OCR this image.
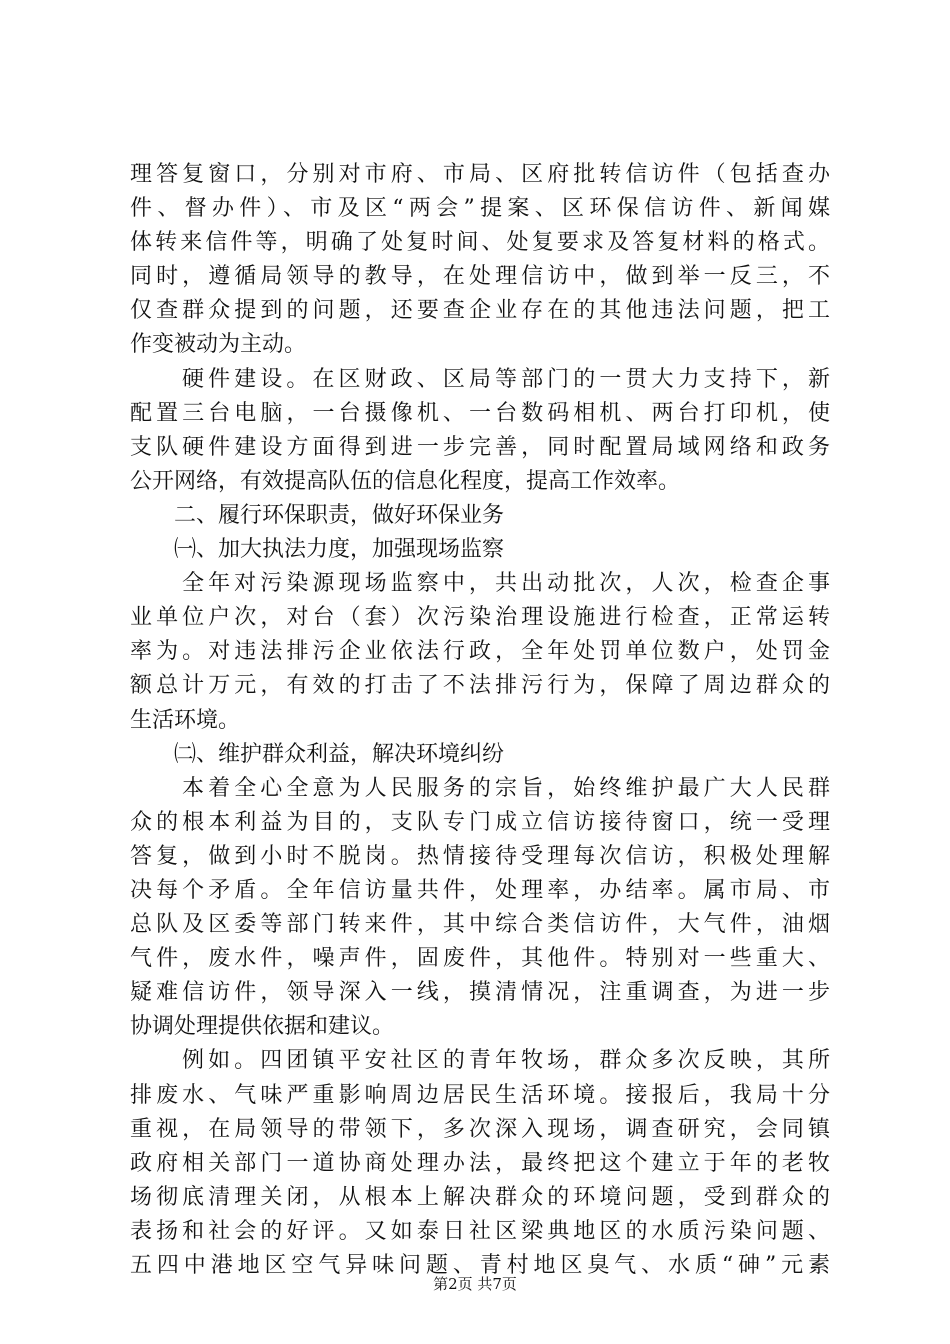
理答复窗口，分别对市府、市局、区府批转信访件（包括查办
件、督办件）、市及区“两会”提案、区环保信访件、新闻媒
体转来信件等，明确了处复时间、处复要求及答复材料的格式。
同时，遵循局领导的教导，在处理信访中，做到举一反三，不
仅查群众提到的问题，还要查企业存在的其他违法问题，把工
作变被动为主动。
硬件建设。在区财政、区局等部门的一贯大力支持下，新
配置三台电脑，一台摄像机、一台数码相机、两台打印机，使
支队硬件建设方面得到进一步完善，同时配置局域网络和政务
公开网络，有效提高队伍的信息化程度，提高工作效率。
二、履行环保职责，做好环保业务
㈠、加大执法力度，加强现场监察
全年对污染源现场监察中，共出动批次，人次，检查企事
业单位户次，对台（套）次污染治理设施进行检查，正常运转
率为。对违法排污企业依法行政，全年处罚单位数户，处罚金
额总计万元，有效的打击了不法排污行为，保障了周边群众的
生活环境。
㈡、维护群众利益，解决环境纠纷
本着全心全意为人民服务的宗旨，始终维护最广大人民群
众的根本利益为目的，支队专门成立信访接待窗口，统一受理
答复，做到小时不脱岗。热情接待受理每次信访，积极处理解
决每个矛盾。全年信访量共件，处理率，办结率。属市局、市
总队及区委等部门转来件，其中综合类信访件，大气件，油烟
气件，废水件，噪声件，固废件，其他件。特别对一些重大、
疑难信访件，领导深入一线，摸清情况，注重调查，为进一步
协调处理提供依据和建议。
例如。四团镇平安社区的青年牧场，群众多次反映，其所
排废水、气味严重影响周边居民生活环境。接报后，我局十分
重视，在局领导的带领下，多次深入现场，调查研究，会同镇
政府相关部门一道协商处理办法，最终把这个建立于年的老牧
场彻底清理关闭，从根本上解决群众的环境问题，受到群众的
表扬和社会的好评。又如泰日社区梁典地区的水质污染问题、
五四中港地区空气异味问题、青村地区臭气、水质“砷”元素
第2页 共7页
